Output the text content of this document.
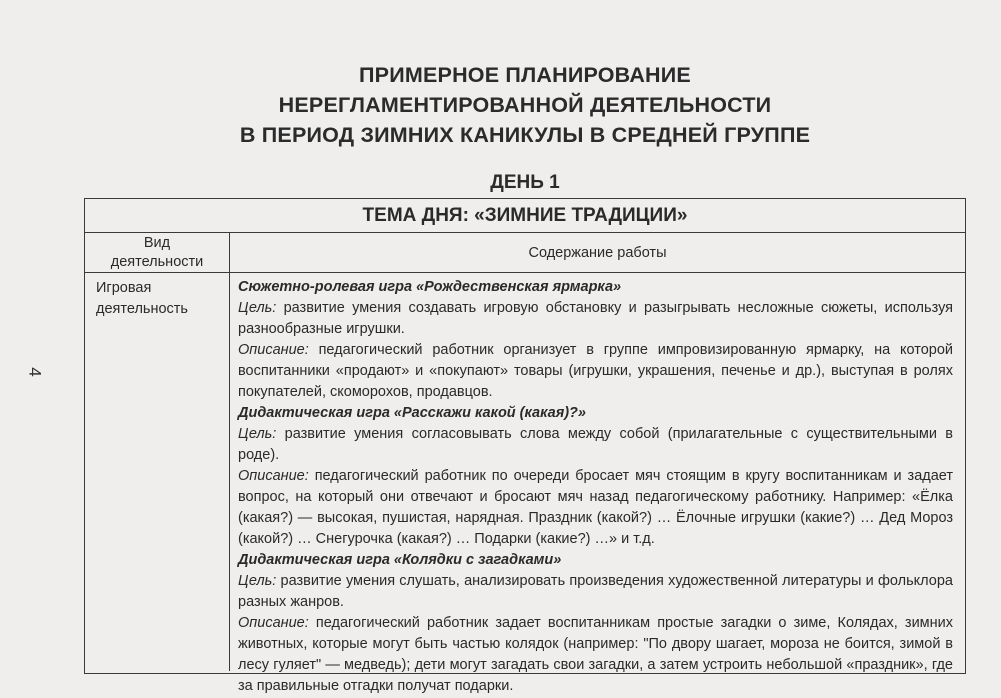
4
ПРИМЕРНОЕ ПЛАНИРОВАНИЕ
НЕРЕГЛАМЕНТИРОВАННОЙ ДЕЯТЕЛЬНОСТИ
В ПЕРИОД ЗИМНИХ КАНИКУЛЫ В СРЕДНЕЙ ГРУППЕ
ДЕНЬ 1
ТЕМА ДНЯ: «ЗИМНИЕ ТРАДИЦИИ»
Вид
деятельности
Содержание работы
Игровая
деятельность
Сюжетно-ролевая игра «Рождественская ярмарка»
Цель: развитие умения создавать игровую обстановку и разыгрывать несложные сюжеты, используя разнообразные игрушки.
Описание: педагогический работник организует в группе импровизированную ярмарку, на которой воспитанники «продают» и «покупают» товары (игрушки, украшения, печенье и др.), выступая в ролях покупателей, скоморохов, продавцов.
Дидактическая игра «Расскажи какой (какая)?»
Цель: развитие умения согласовывать слова между собой (прилагательные с существительными в роде).
Описание: педагогический работник по очереди бросает мяч стоящим в кругу воспитанникам и задает вопрос, на который они отвечают и бросают мяч назад педагогическому работнику. Например: «Ёлка (какая?) — высокая, пушистая, нарядная. Праздник (какой?) … Ёлочные игрушки (какие?) … Дед Мороз (какой?) … Снегурочка (какая?) … Подарки (какие?) …» и т.д.
Дидактическая игра «Колядки с загадками»
Цель: развитие умения слушать, анализировать произведения художественной литературы и фольклора разных жанров.
Описание: педагогический работник задает воспитанникам простые загадки о зиме, Колядах, зимних животных, которые могут быть частью колядок (например: "По двору шагает, мороза не боится, зимой в лесу гуляет" — медведь); дети могут загадать свои загадки, а затем устроить небольшой «праздник», где за правильные отгадки получат подарки.
